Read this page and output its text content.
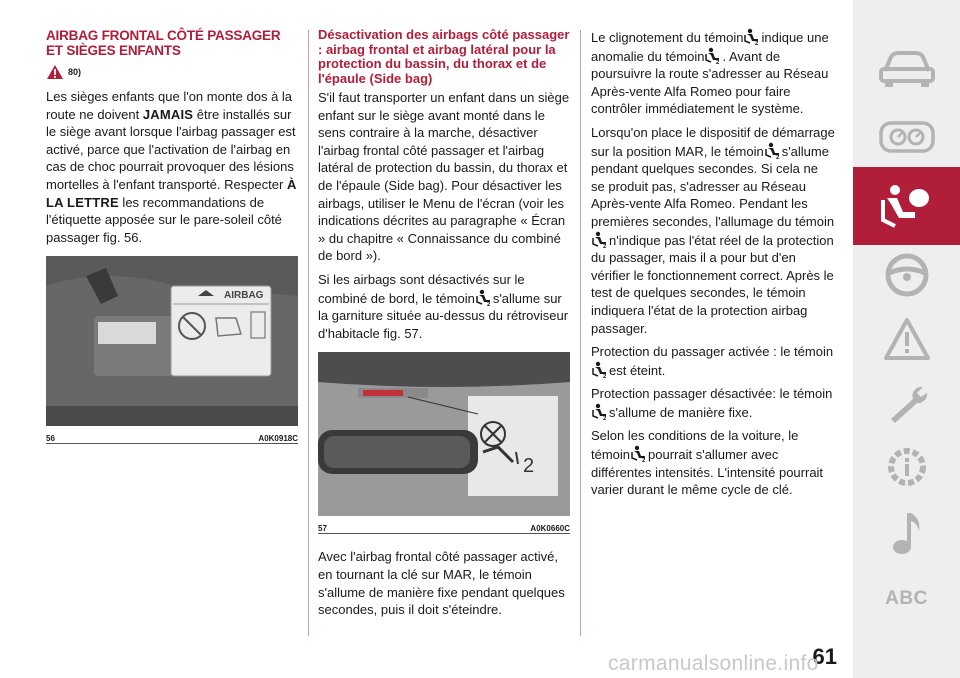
AIRBAG FRONTAL CÔTÉ PASSAGER ET SIÈGES ENFANTS
80)

Les sièges enfants que l'on monte dos à la route ne doivent JAMAIS être installés sur le siège avant lorsque l'airbag passager est activé, parce que l'activation de l'airbag en cas de choc pourrait provoquer des lésions mortelles à l'enfant transporté. Respecter À LA LETTRE les recommandations de l'étiquette apposée sur le pare-soleil côté passager fig. 56.

AIRBAG
56	A0K0918C
Désactivation des airbags côté passager : airbag frontal et airbag latéral pour la protection du bassin, du thorax et de l'épaule (Side bag)

S'il faut transporter un enfant dans un siège enfant sur le siège avant monté dans le sens contraire à la marche, désactiver l'airbag frontal côté passager et l'airbag latéral de protection du bassin, du thorax et de l'épaule (Side bag). Pour désactiver les airbags, utiliser le Menu de l'écran (voir les indications décrites au paragraphe « Écran » du chapitre « Connaissance du combiné de bord »).

Si les airbags sont désactivés sur le combiné de bord, le témoin 2 s'allume sur la garniture située au-dessus du rétroviseur d'habitacle fig. 57.

2
57	A0K0660C

Avec l'airbag frontal côté passager activé, en tournant la clé sur MAR, le témoin s'allume de manière fixe pendant quelques secondes, puis il doit s'éteindre.

Le clignotement du témoin 2 indique une anomalie du témoin 2 . Avant de poursuivre la route s'adresser au Réseau Après-vente Alfa Romeo pour faire contrôler immédiatement le système.

Lorsqu'on place le dispositif de démarrage sur la position MAR, le témoin 2 s'allume pendant quelques secondes. Si cela ne se produit pas, s'adresser au Réseau Après-vente Alfa Romeo. Pendant les premières secondes, l'allumage du témoin
2 n'indique pas l'état réel de la protection du passager, mais il a pour but d'en vérifier le fonctionnement correct. Après le test de quelques secondes, le témoin indiquera l'état de la protection airbag passager.

Protection du passager activée : le témoin
2 est éteint.

Protection passager désactivée: le témoin
2 s'allume de manière fixe.

Selon les conditions de la voiture, le témoin 2 pourrait s'allumer avec différentes intensités. L'intensité pourrait varier durant le même cycle de clé.

ABC
61
carmanualsonline.info
